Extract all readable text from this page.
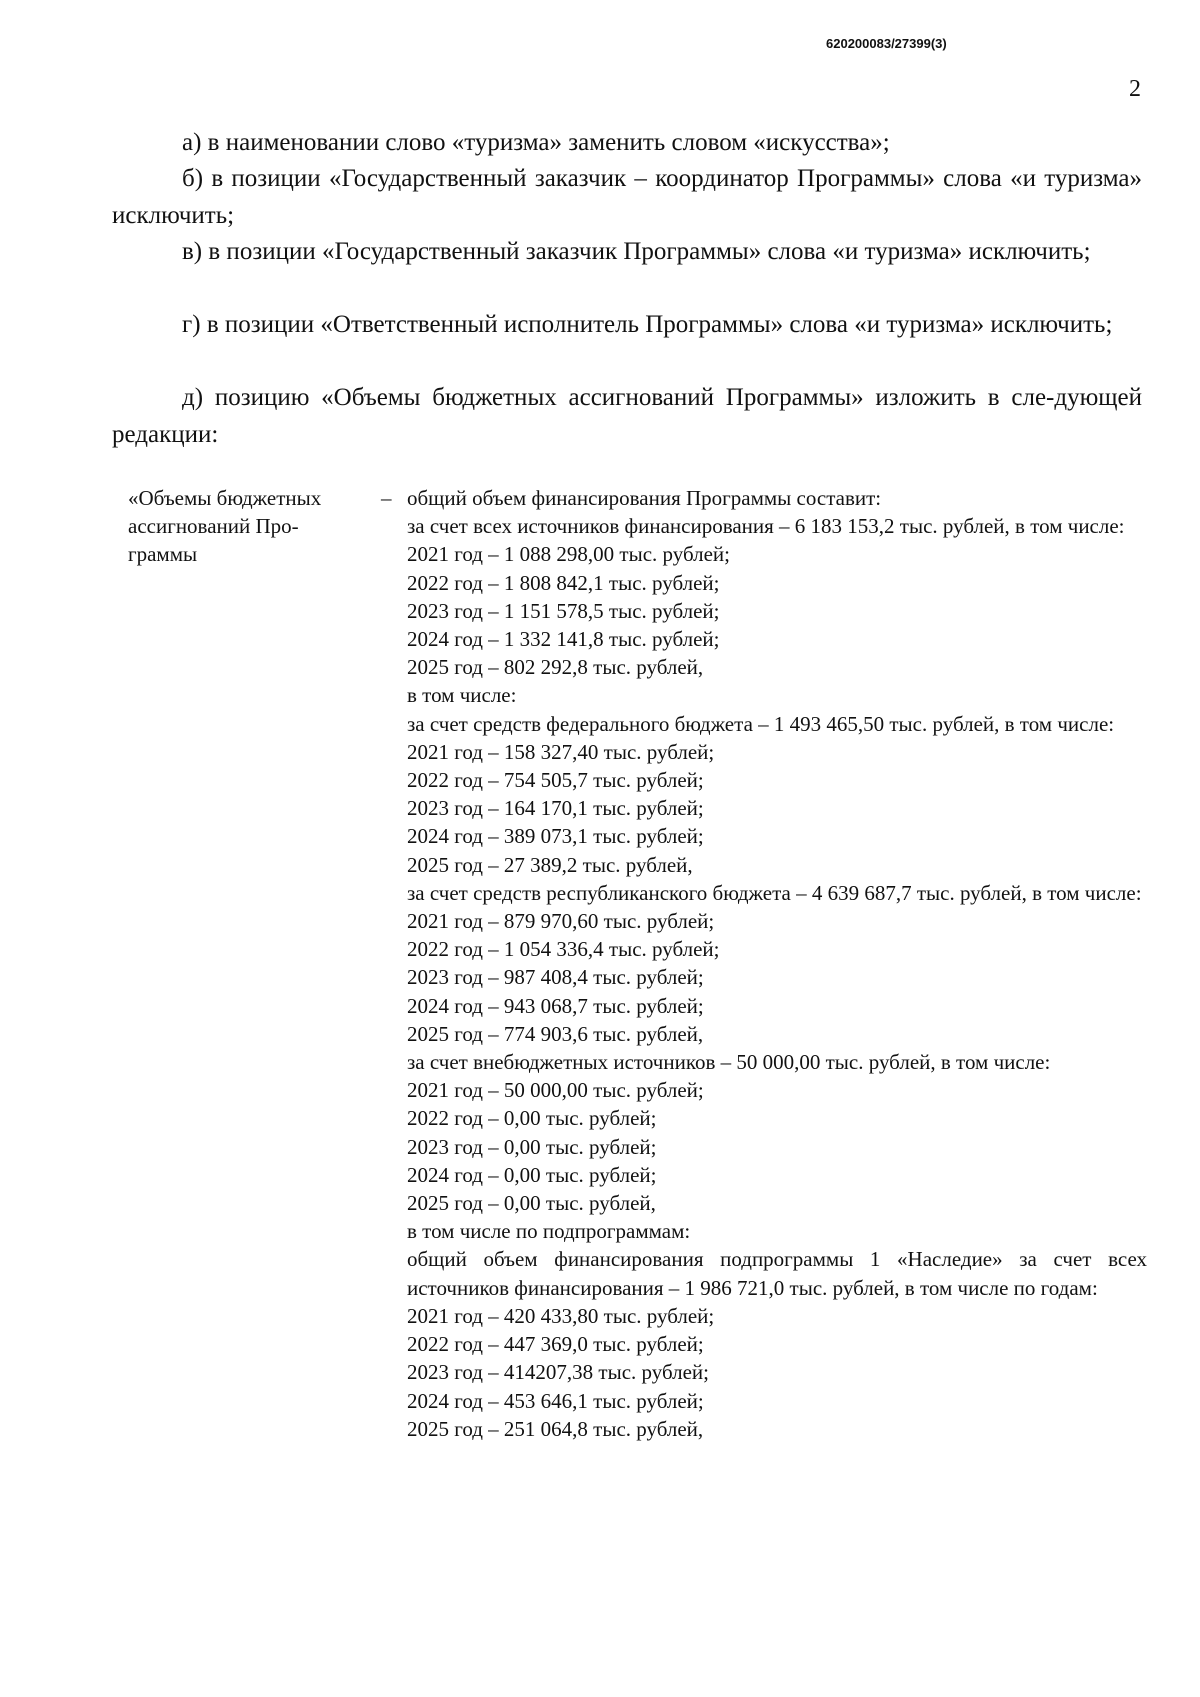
620200083/27399(3)
2

а) в наименовании слово «туризма» заменить словом «искусства»;

б) в позиции «Государственный заказчик – координатор Программы» слова «и туризма» исключить;

в) в позиции «Государственный заказчик Программы» слова «и туризма» исключить;

г) в позиции «Ответственный исполнитель Программы» слова «и туризма» исключить;

д) позицию «Объемы бюджетных ассигнований Программы» изложить в сле-дующей редакции:

«Объемы бюджетных ассигнований Про-граммы
– общий объем финансирования Программы составит:
за счет всех источников финансирования – 6 183 153,2 тыс. рублей, в том числе:
2021 год – 1 088 298,00 тыс. рублей;
2022 год – 1 808 842,1 тыс. рублей;
2023 год – 1 151 578,5 тыс. рублей;
2024 год – 1 332 141,8 тыс. рублей;
2025 год – 802 292,8 тыс. рублей,
в том числе:
за счет средств федерального бюджета – 1 493 465,50 тыс. рублей, в том числе:
2021 год – 158 327,40 тыс. рублей;
2022 год – 754 505,7 тыс. рублей;
2023 год – 164 170,1 тыс. рублей;
2024 год – 389 073,1 тыс. рублей;
2025 год – 27 389,2 тыс. рублей,
за счет средств республиканского бюджета – 4 639 687,7 тыс. рублей, в том числе:
2021 год – 879 970,60 тыс. рублей;
2022 год – 1 054 336,4 тыс. рублей;
2023 год – 987 408,4 тыс. рублей;
2024 год – 943 068,7 тыс. рублей;
2025 год – 774 903,6 тыс. рублей,
за счет внебюджетных источников – 50 000,00 тыс. рублей, в том числе:
2021 год – 50 000,00 тыс. рублей;
2022 год – 0,00 тыс. рублей;
2023 год – 0,00 тыс. рублей;
2024 год – 0,00 тыс. рублей;
2025 год – 0,00 тыс. рублей,
в том числе по подпрограммам:
общий объем финансирования подпрограммы 1 «Наследие» за счет всех источников финансирования – 1 986 721,0 тыс. рублей, в том числе по годам:
2021 год – 420 433,80 тыс. рублей;
2022 год – 447 369,0 тыс. рублей;
2023 год – 414207,38 тыс. рублей;
2024 год – 453 646,1 тыс. рублей;
2025 год – 251 064,8 тыс. рублей,
